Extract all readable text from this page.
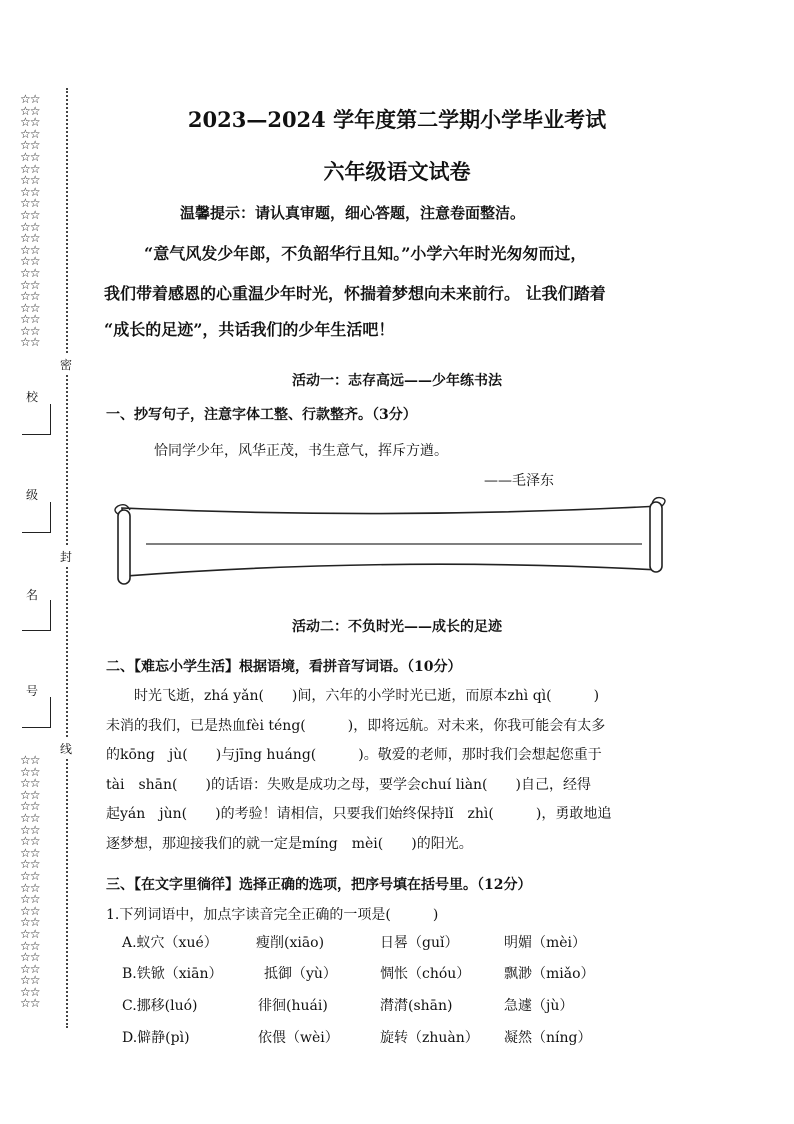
☆☆
☆☆
☆☆
☆☆
☆☆
☆☆
☆☆
☆☆
☆☆
☆☆
☆☆
☆☆
☆☆
☆☆
☆☆
☆☆
☆☆
☆☆
☆☆
☆☆
☆☆
☆☆
☆☆
☆☆
☆☆
☆☆
☆☆
☆☆
☆☆
☆☆
☆☆
☆☆
☆☆
☆☆
☆☆
☆☆
☆☆
☆☆
☆☆
☆☆
☆☆
☆☆
☆☆
☆☆
密
封
线
校
级
名
号
2023—2024 学年度第二学期小学毕业考试
六年级语文试卷
温馨提示：请认真审题，细心答题，注意卷面整洁。
“意气风发少年郎，不负韶华行且知。”小学六年时光匆匆而过，
我们带着感恩的心重温少年时光，怀揣着梦想向未来前行。 让我们踏着
“成长的足迹”，共话我们的少年生活吧！
活动一：志存高远——少年练书法
一、抄写句子，注意字体工整、行款整齐。（3分）
恰同学少年，风华正茂，书生意气，挥斥方遒。
——毛泽东
活动二：不负时光——成长的足迹
二、【难忘小学生活】根据语境，看拼音写词语。（10分）
　　时光飞逝，zhá yǎn(　　)间，六年的小学时光已逝，而原本zhì qì(　　　)
未消的我们，已是热血fèi téng(　　　)，即将远航。对未来，你我可能会有太多
的kōng　jù(　　)与jīng huáng(　　　)。敬爱的老师，那时我们会想起您重于
tài　shān(　　)的话语：失败是成功之母，要学会chuí liàn(　　)自己，经得
起yán　jùn(　　)的考验！请相信，只要我们始终保持lǐ　zhì(　　　)，勇敢地追
逐梦想，那迎接我们的就一定是míng　mèi(　　)的阳光。
三、【在文字里徜徉】选择正确的选项，把序号填在括号里。（12分）
1.下列词语中，加点字读音完全正确的一项是(　　　)
A.蚁穴（xué）	瘦削(xiāo)	日晷（guǐ）	明媚（mèi）
B.铁锨（xiān）	抵御（yù）	惆怅（chóu） 飘渺（miǎo）
C.挪移(luó)	徘徊(huái)	潸潸(shān)	急遽（jù）
D.僻静(pì)	依偎（wèi）	旋转（zhuàn） 凝然（níng）
